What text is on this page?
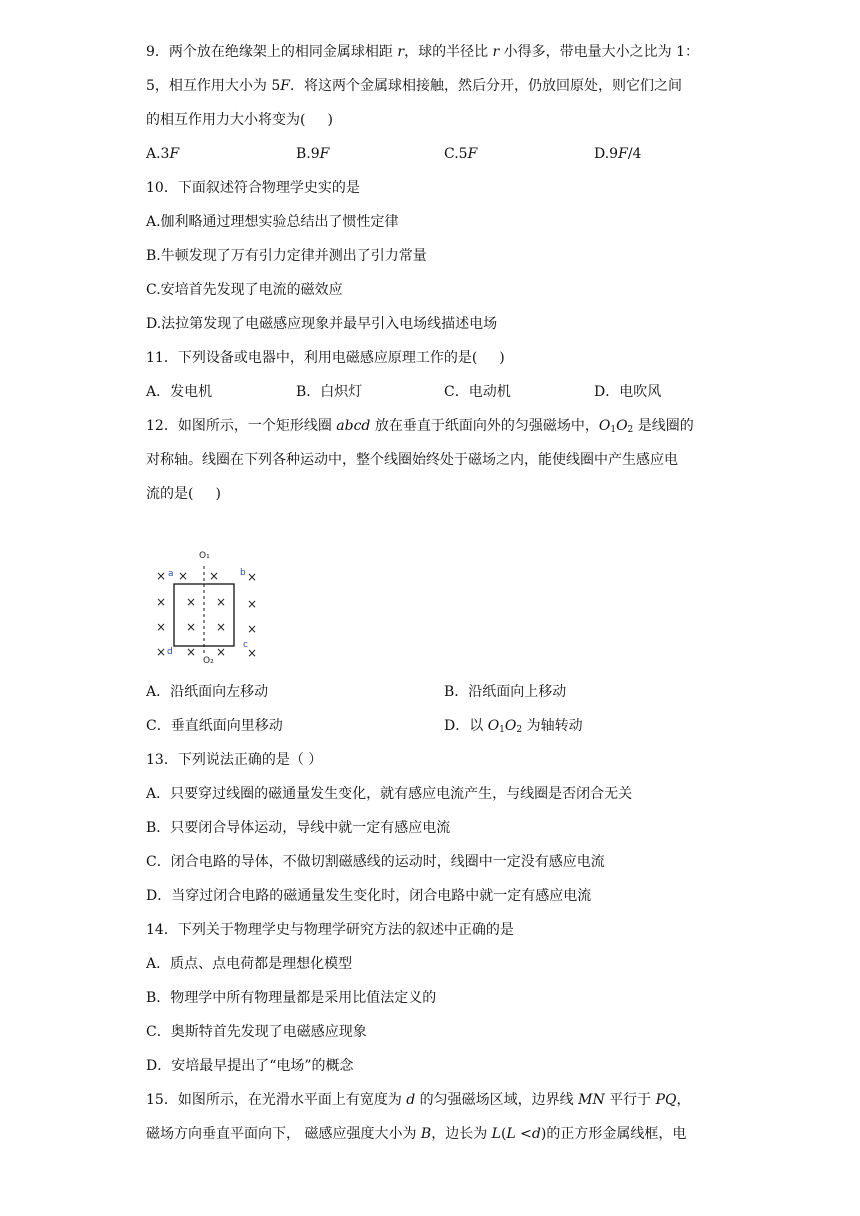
9．两个放在绝缘架上的相同金属球相距 r，球的半径比 r 小得多，带电量大小之比为 1：
5，相互作用大小为 5F．将这两个金属球相接触，然后分开，仍放回原处，则它们之间
的相互作用力大小将变为( )
A.3F	B.9F	C.5F	D.9F/4
10．下面叙述符合物理学史实的是
A.伽利略通过理想实验总结出了惯性定律
B.牛顿发现了万有引力定律并测出了引力常量
C.安培首先发现了电流的磁效应
D.法拉第发现了电磁感应现象并最早引入电场线描述电场
11．下列设备或电器中，利用电磁感应原理工作的是( )
A．发电机	B．白炽灯	C．电动机	D．电吹风
12．如图所示，一个矩形线圈 abcd 放在垂直于纸面向外的匀强磁场中，$O_1O_2$ 是线圈的
对称轴。线圈在下列各种运动中，整个线圈始终处于磁场之内，能使线圈中产生感应电
流的是( )
× × × ×
× × × ×
× × × ×
× × × ×
O₁
O₂
a	b
c
d
A．沿纸面向左移动	B．沿纸面向上移动
C．垂直纸面向里移动	D．以 $O_1O_2$ 为轴转动
13．下列说法正确的是（ ）
A．只要穿过线圈的磁通量发生变化，就有感应电流产生，与线圈是否闭合无关
B．只要闭合导体运动，导线中就一定有感应电流
C．闭合电路的导体，不做切割磁感线的运动时，线圈中一定没有感应电流
D．当穿过闭合电路的磁通量发生变化时，闭合电路中就一定有感应电流
14．下列关于物理学史与物理学研究方法的叙述中正确的是
A．质点、点电荷都是理想化模型
B．物理学中所有物理量都是采用比值法定义的
C．奥斯特首先发现了电磁感应现象
D．安培最早提出了“电场”的概念
15．如图所示，在光滑水平面上有宽度为 d 的匀强磁场区域，边界线 MN 平行于 PQ，
磁场方向垂直平面向下， 磁感应强度大小为 B，边长为 L(L <d)的正方形金属线框，电
